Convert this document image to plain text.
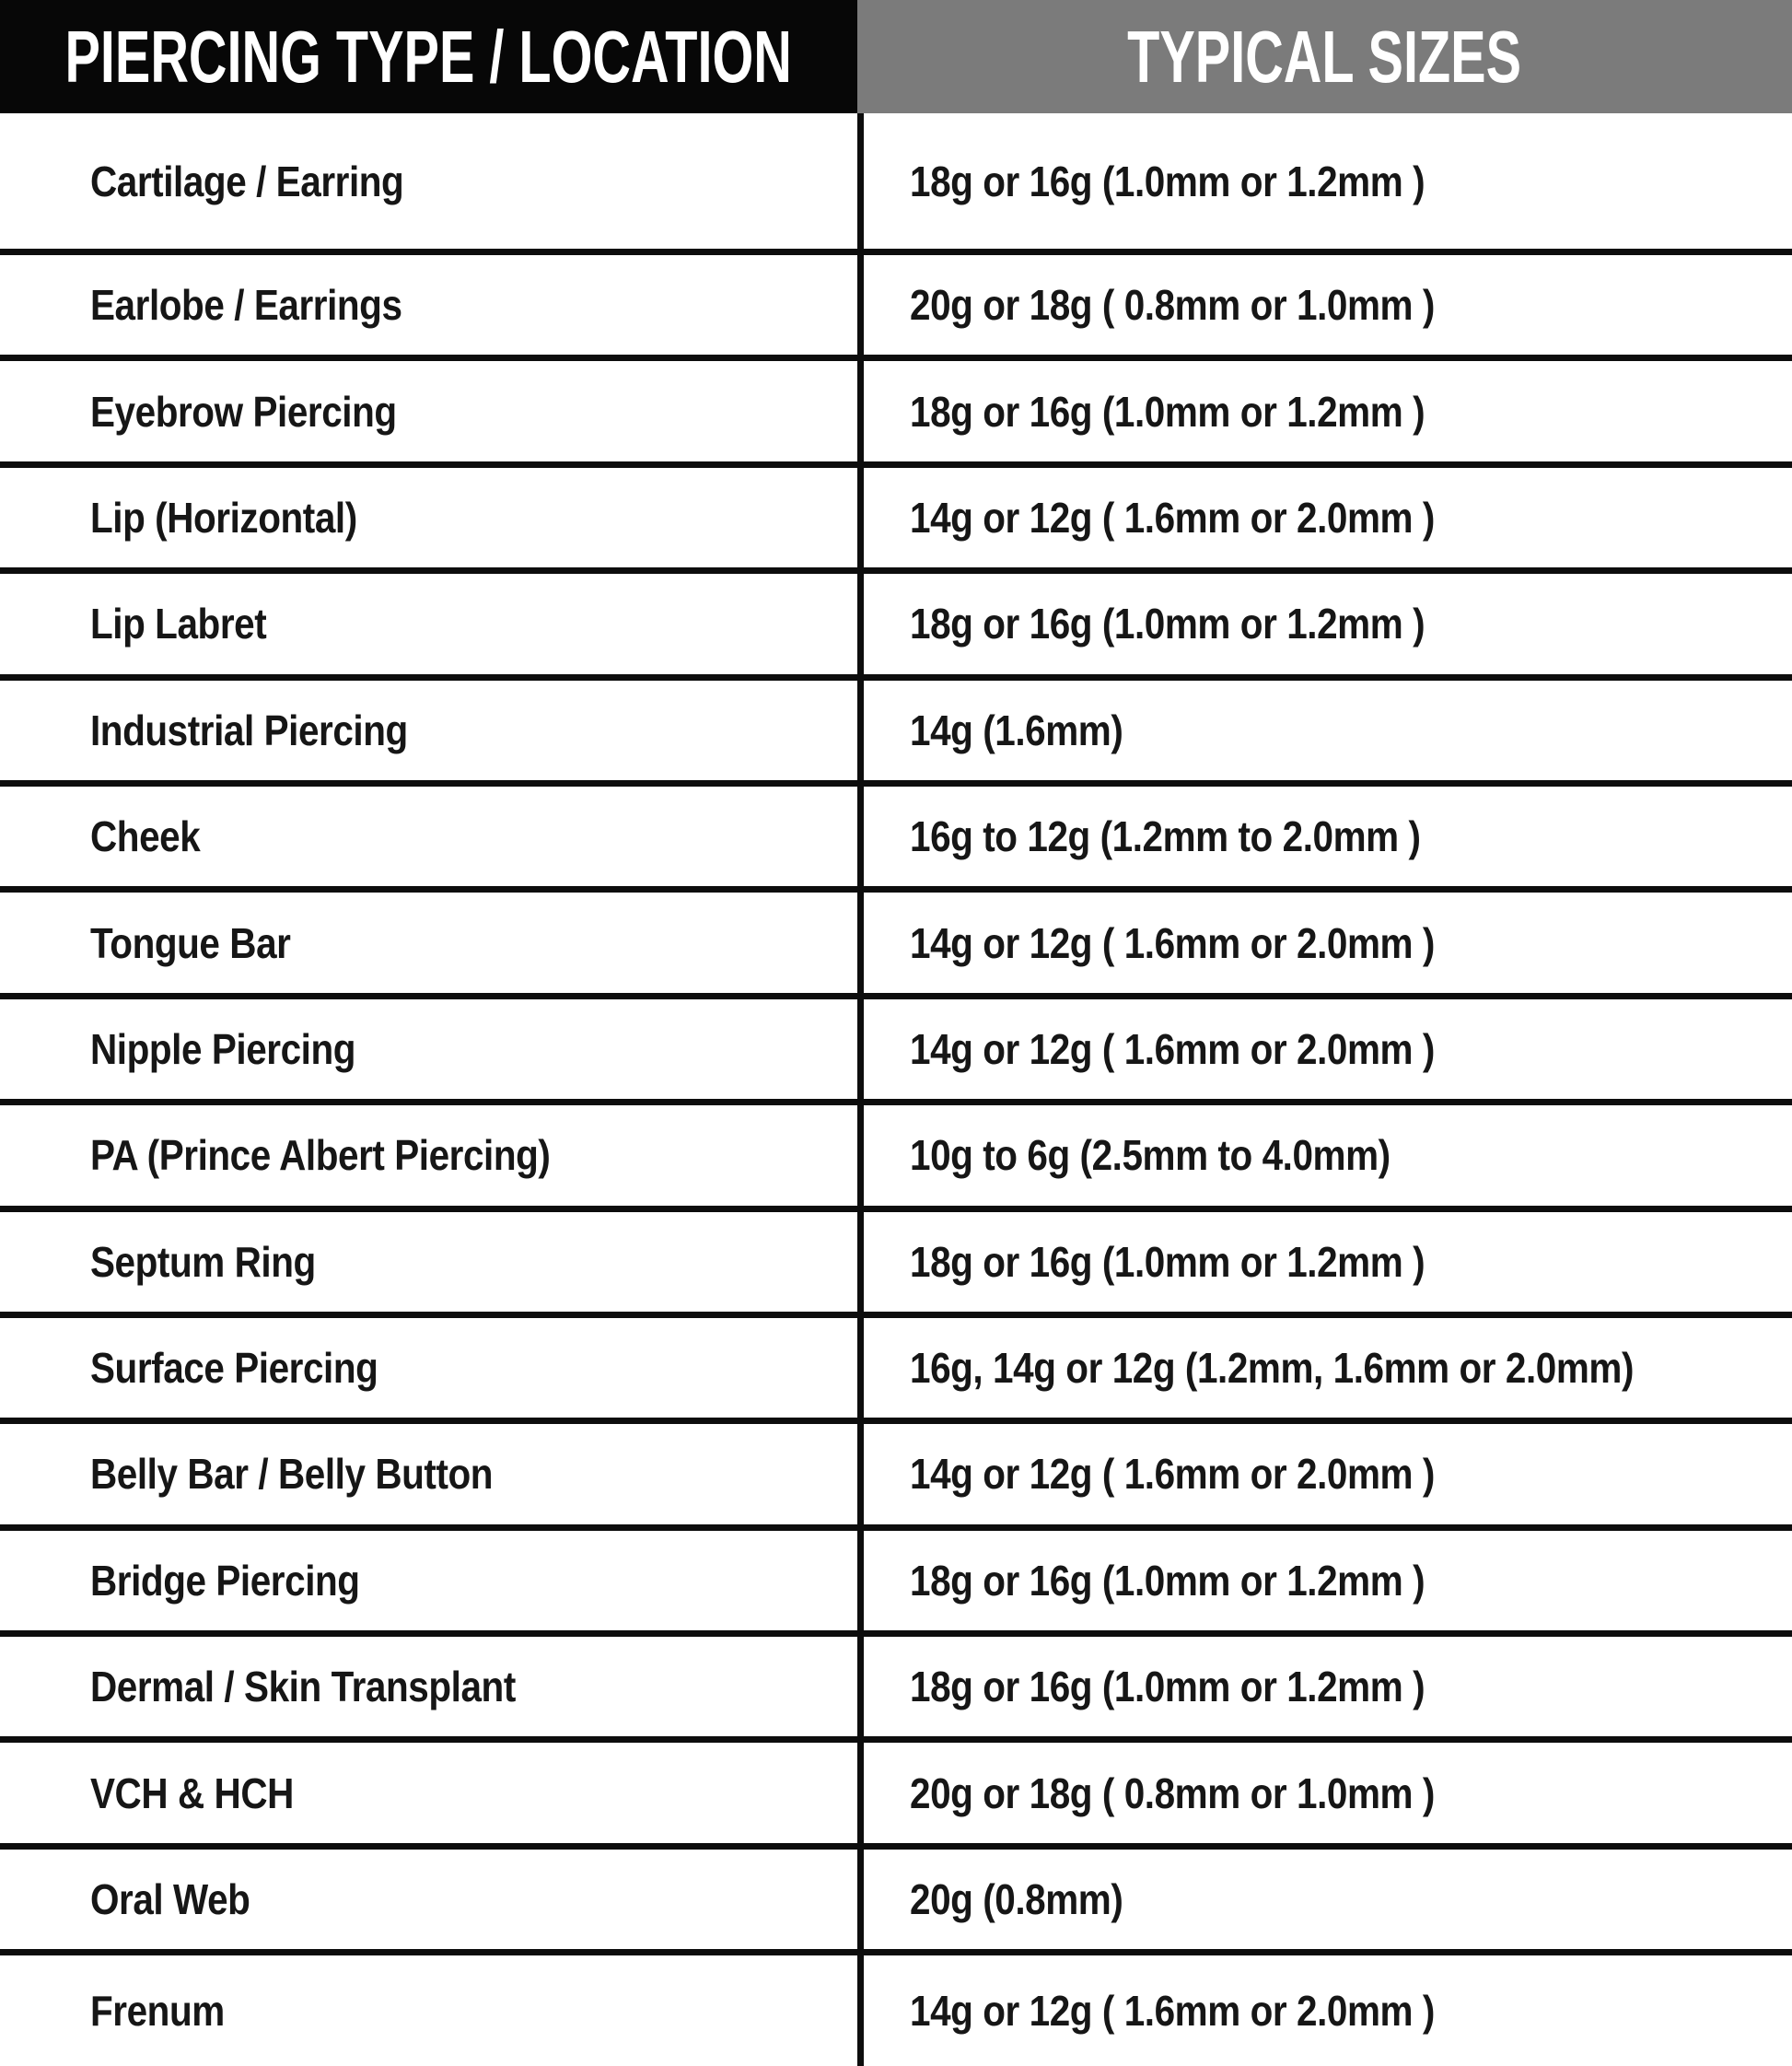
PIERCING TYPE / LOCATION	TYPICAL SIZES
Cartilage / Earring	18g or 16g (1.0mm or 1.2mm )
Earlobe / Earrings	20g or 18g ( 0.8mm or 1.0mm )
Eyebrow Piercing	18g or 16g (1.0mm or 1.2mm )
Lip (Horizontal)	14g or 12g ( 1.6mm or 2.0mm )
Lip Labret	18g or 16g (1.0mm or 1.2mm )
Industrial Piercing	14g (1.6mm)
Cheek	16g to 12g (1.2mm to 2.0mm )
Tongue Bar	14g or 12g ( 1.6mm or 2.0mm )
Nipple Piercing	14g or 12g ( 1.6mm or 2.0mm )
PA (Prince Albert Piercing)	10g to 6g (2.5mm to 4.0mm)
Septum Ring	18g or 16g (1.0mm or 1.2mm )
Surface Piercing	16g, 14g or 12g (1.2mm, 1.6mm or 2.0mm)
Belly Bar / Belly Button	14g or 12g ( 1.6mm or 2.0mm )
Bridge Piercing	18g or 16g (1.0mm or 1.2mm )
Dermal / Skin Transplant	18g or 16g (1.0mm or 1.2mm )
VCH & HCH	20g or 18g ( 0.8mm or 1.0mm )
Oral Web	20g (0.8mm)
Frenum	14g or 12g ( 1.6mm or 2.0mm )
